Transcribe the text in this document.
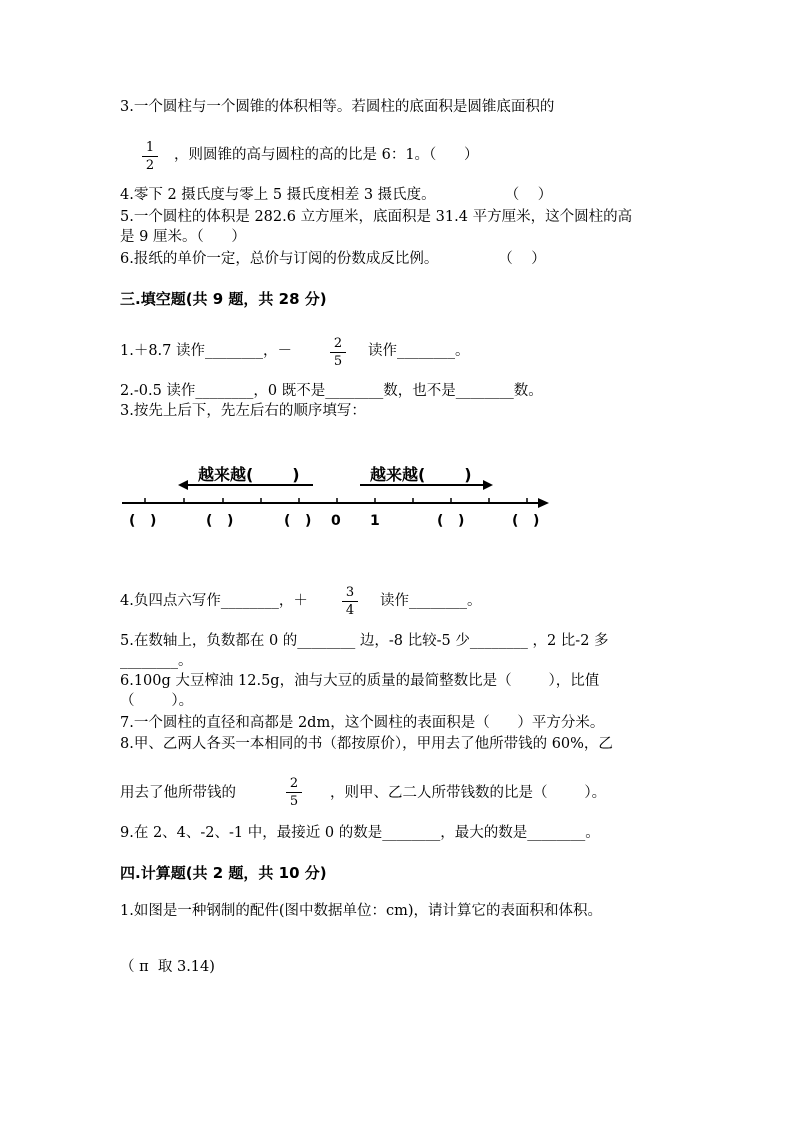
3.一个圆柱与一个圆锥的体积相等。若圆柱的底面积是圆锥底面积的
1
2
，则圆锥的高与圆柱的高的比是 6：1。（      ）
4.零下 2 摄氏度与零上 5 摄氏度相差 3 摄氏度。               （    ）
5.一个圆柱的体积是 282.6 立方厘米，底面积是 31.4 平方厘米，这个圆柱的高
是 9 厘米。（      ）
6.报纸的单价一定，总价与订阅的份数成反比例。             （    ）
三.填空题(共 9 题，共 28 分)
1.＋8.7 读作________，－	2
5
读作________。
2.-0.5 读作________，0 既不是________数，也不是________数。
3.按先上后下，先左后右的顺序填写：
越来越(       )	越来越(       )
(   )	(   )	(   ) 0 1	(   )	(   )
4.负四点六写作________，＋
3
4
读作________。
5.在数轴上，负数都在 0 的________ 边，-8 比较-5 少________ ，2 比-2 多
________。
6.100g 大豆榨油 12.5g，油与大豆的质量的最简整数比是（        ），比值
（        ）。
7.一个圆柱的直径和高都是 2dm，这个圆柱的表面积是（      ）平方分米。
8.甲、乙两人各买一本相同的书（都按原价），甲用去了他所带钱的 60%，乙
用去了他所带钱的
2
5
，则甲、乙二人所带钱数的比是（        ）。
9.在 2、4、-2、-1 中，最接近 0 的数是________，最大的数是________。
四.计算题(共 2 题，共 10 分)
1.如图是一种钢制的配件(图中数据单位：cm)，请计算它的表面积和体积。
（ π  取 3.14)
